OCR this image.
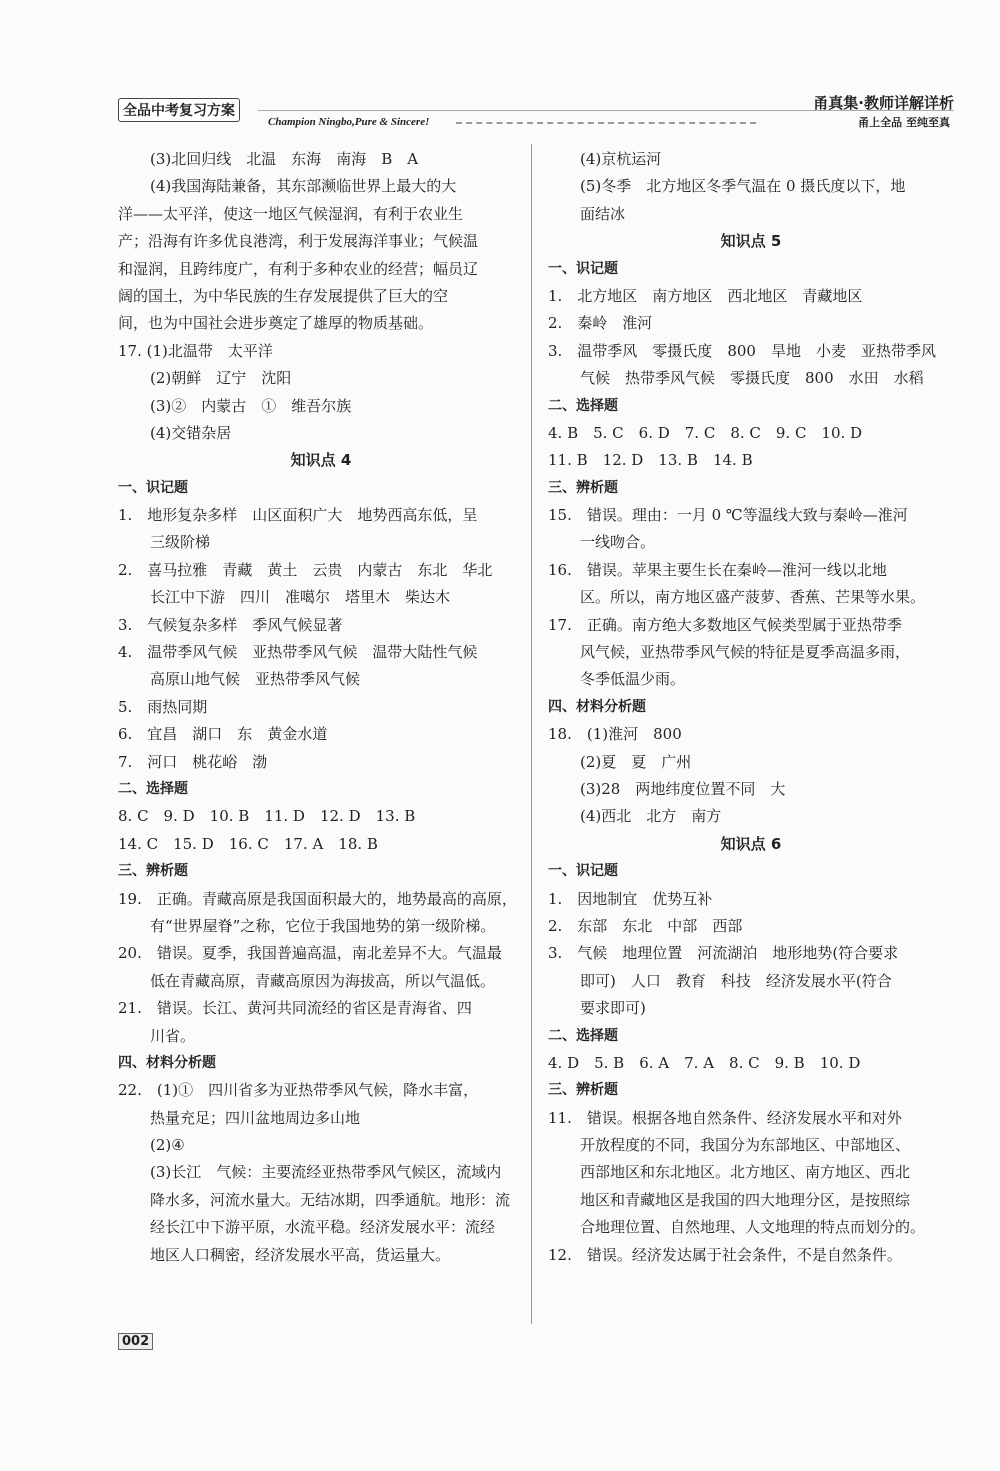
全品中考复习方案
Champion Ningbo,Pure & Sincere!
甬真集·教师详解详析
甬上全品 至纯至真
(3)北回归线　北温　东海　南海　B　A
(4)我国海陆兼备，其东部濒临世界上最大的大
洋——太平洋，使这一地区气候湿润，有利于农业生
产；沿海有许多优良港湾，利于发展海洋事业；气候温
和湿润，且跨纬度广，有利于多种农业的经营；幅员辽
阔的国土，为中华民族的生存发展提供了巨大的空
间，也为中国社会进步奠定了雄厚的物质基础。
17. (1)北温带　太平洋
(2)朝鲜　辽宁　沈阳
(3)②　内蒙古　①　维吾尔族
(4)交错杂居
知识点 4
一、识记题
1.　地形复杂多样　山区面积广大　地势西高东低，呈
三级阶梯
2.　喜马拉雅　青藏　黄土　云贵　内蒙古　东北　华北
长江中下游　四川　准噶尔　塔里木　柴达木
3.　气候复杂多样　季风气候显著
4.　温带季风气候　亚热带季风气候　温带大陆性气候
高原山地气候　亚热带季风气候
5.　雨热同期
6.　宜昌　湖口　东　黄金水道
7.　河口　桃花峪　渤
二、选择题
8. C　9. D　10. B　11. D　12. D　13. B
14. C　15. D　16. C　17. A　18. B
三、辨析题
19.　正确。青藏高原是我国面积最大的，地势最高的高原，
有“世界屋脊”之称，它位于我国地势的第一级阶梯。
20.　错误。夏季，我国普遍高温，南北差异不大。气温最
低在青藏高原，青藏高原因为海拔高，所以气温低。
21.　错误。长江、黄河共同流经的省区是青海省、四
川省。
四、材料分析题
22.　(1)①　四川省多为亚热带季风气候，降水丰富，
热量充足；四川盆地周边多山地
(2)④
(3)长江　气候：主要流经亚热带季风气候区，流域内
降水多，河流水量大。无结冰期，四季通航。地形：流
经长江中下游平原，水流平稳。经济发展水平：流经
地区人口稠密，经济发展水平高，货运量大。
(4)京杭运河
(5)冬季　北方地区冬季气温在 0 摄氏度以下，地
面结冰
知识点 5
一、识记题
1.　北方地区　南方地区　西北地区　青藏地区
2.　秦岭　淮河
3.　温带季风　零摄氏度　800　旱地　小麦　亚热带季风
气候　热带季风气候　零摄氏度　800　水田　水稻
二、选择题
4. B　5. C　6. D　7. C　8. C　9. C　10. D
11. B　12. D　13. B　14. B
三、辨析题
15.　错误。理由：一月 0 ℃等温线大致与秦岭—淮河
一线吻合。
16.　错误。苹果主要生长在秦岭—淮河一线以北地
区。所以，南方地区盛产菠萝、香蕉、芒果等水果。
17.　正确。南方绝大多数地区气候类型属于亚热带季
风气候，亚热带季风气候的特征是夏季高温多雨，
冬季低温少雨。
四、材料分析题
18.　(1)淮河　800
(2)夏　夏　广州
(3)28　两地纬度位置不同　大
(4)西北　北方　南方
知识点 6
一、识记题
1.　因地制宜　优势互补
2.　东部　东北　中部　西部
3.　气候　地理位置　河流湖泊　地形地势(符合要求
即可)　人口　教育　科技　经济发展水平(符合
要求即可)
二、选择题
4. D　5. B　6. A　7. A　8. C　9. B　10. D
三、辨析题
11.　错误。根据各地自然条件、经济发展水平和对外
开放程度的不同，我国分为东部地区、中部地区、
西部地区和东北地区。北方地区、南方地区、西北
地区和青藏地区是我国的四大地理分区，是按照综
合地理位置、自然地理、人文地理的特点而划分的。
12.　错误。经济发达属于社会条件，不是自然条件。
002
